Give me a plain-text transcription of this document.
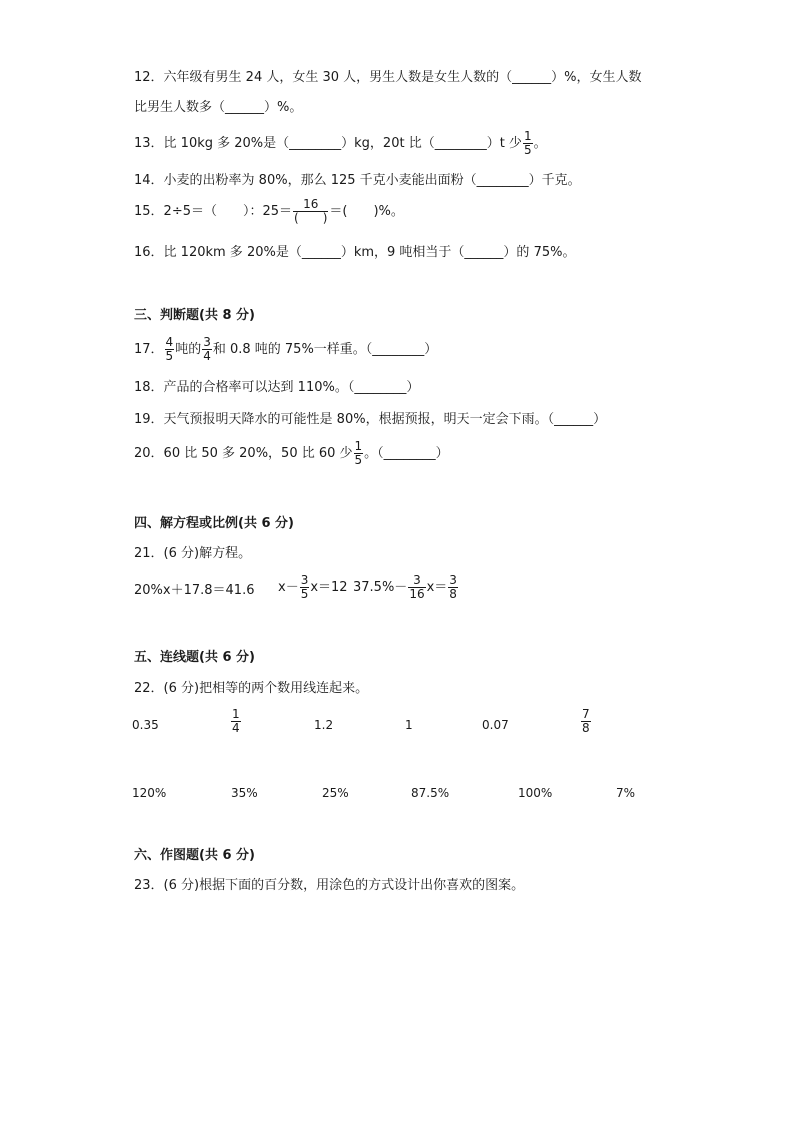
12．六年级有男生 24 人，女生 30 人，男生人数是女生人数的（______）%，女生人数
比男生人数多（______）%。
13．比 10kg 多 20%是（________）kg，20t 比（________）t 少 $\frac{1}{5}$ 。
14．小麦的出粉率为 80%，那么 125 千克小麦能出面粉（________）千克。
15．2÷5＝（　　）：$25= \frac{16}{( )}$ ＝(　　)%。
16．比 120km 多 20%是（______）km，9 吨相当于（______）的 75%。
三、判断题(共 8 分)
17． $\frac{4}{5}$ 吨的 $\frac{3}{4}$ 和 0.8 吨的 75%一样重。（________）
18．产品的合格率可以达到 110%。（________）
19．天气预报明天降水的可能性是 80%，根据预报，明天一定会下雨。（______）
20．60 比 50 多 20%，50 比 60 少 $\frac{1}{5}$ 。（________）
四、解方程或比例(共 6 分)
21．(6 分)解方程。
20%x＋17.8＝41.6 $x- \frac{3}{5} x=12$ $37.5\%- \frac{3}{16} x= \frac{3}{8}$
五、连线题(共 6 分)
22．(6 分)把相等的两个数用线连起来。
0.35	$\frac{1}{4}$	1.2	1	0.07	$\frac{7}{8}$
120%	35%	25%	87.5%	100%	7%
六、作图题(共 6 分)
23．(6 分)根据下面的百分数，用涂色的方式设计出你喜欢的图案。
